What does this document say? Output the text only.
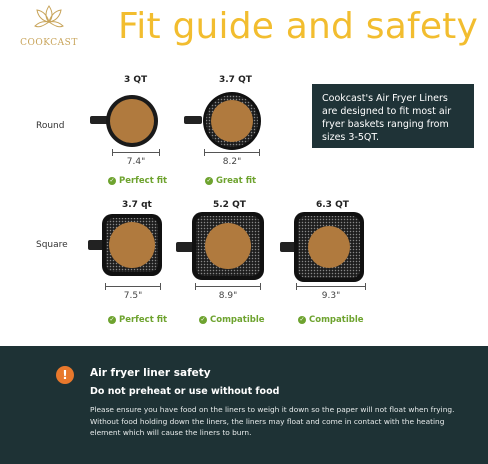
COOKCAST Fit guide and safety
Round
Square
3 QT
7.4"
✓ Perfect fit
3.7 QT
8.2"
✓ Great fit
Cookcast's Air Fryer Liners are designed to fit most air fryer baskets ranging from sizes 3-5QT.
3.7 qt
7.5"
✓ Perfect fit
5.2 QT
8.9"
✓ Compatible
6.3 QT
9.3"
✓ Compatible
!	Air fryer liner safety
Do not preheat or use without food
Please ensure you have food on the liners to weigh it down so the paper will not float when frying. Without food holding down the liners, the liners may float and come in contact with the heating element which will cause the liners to burn.
